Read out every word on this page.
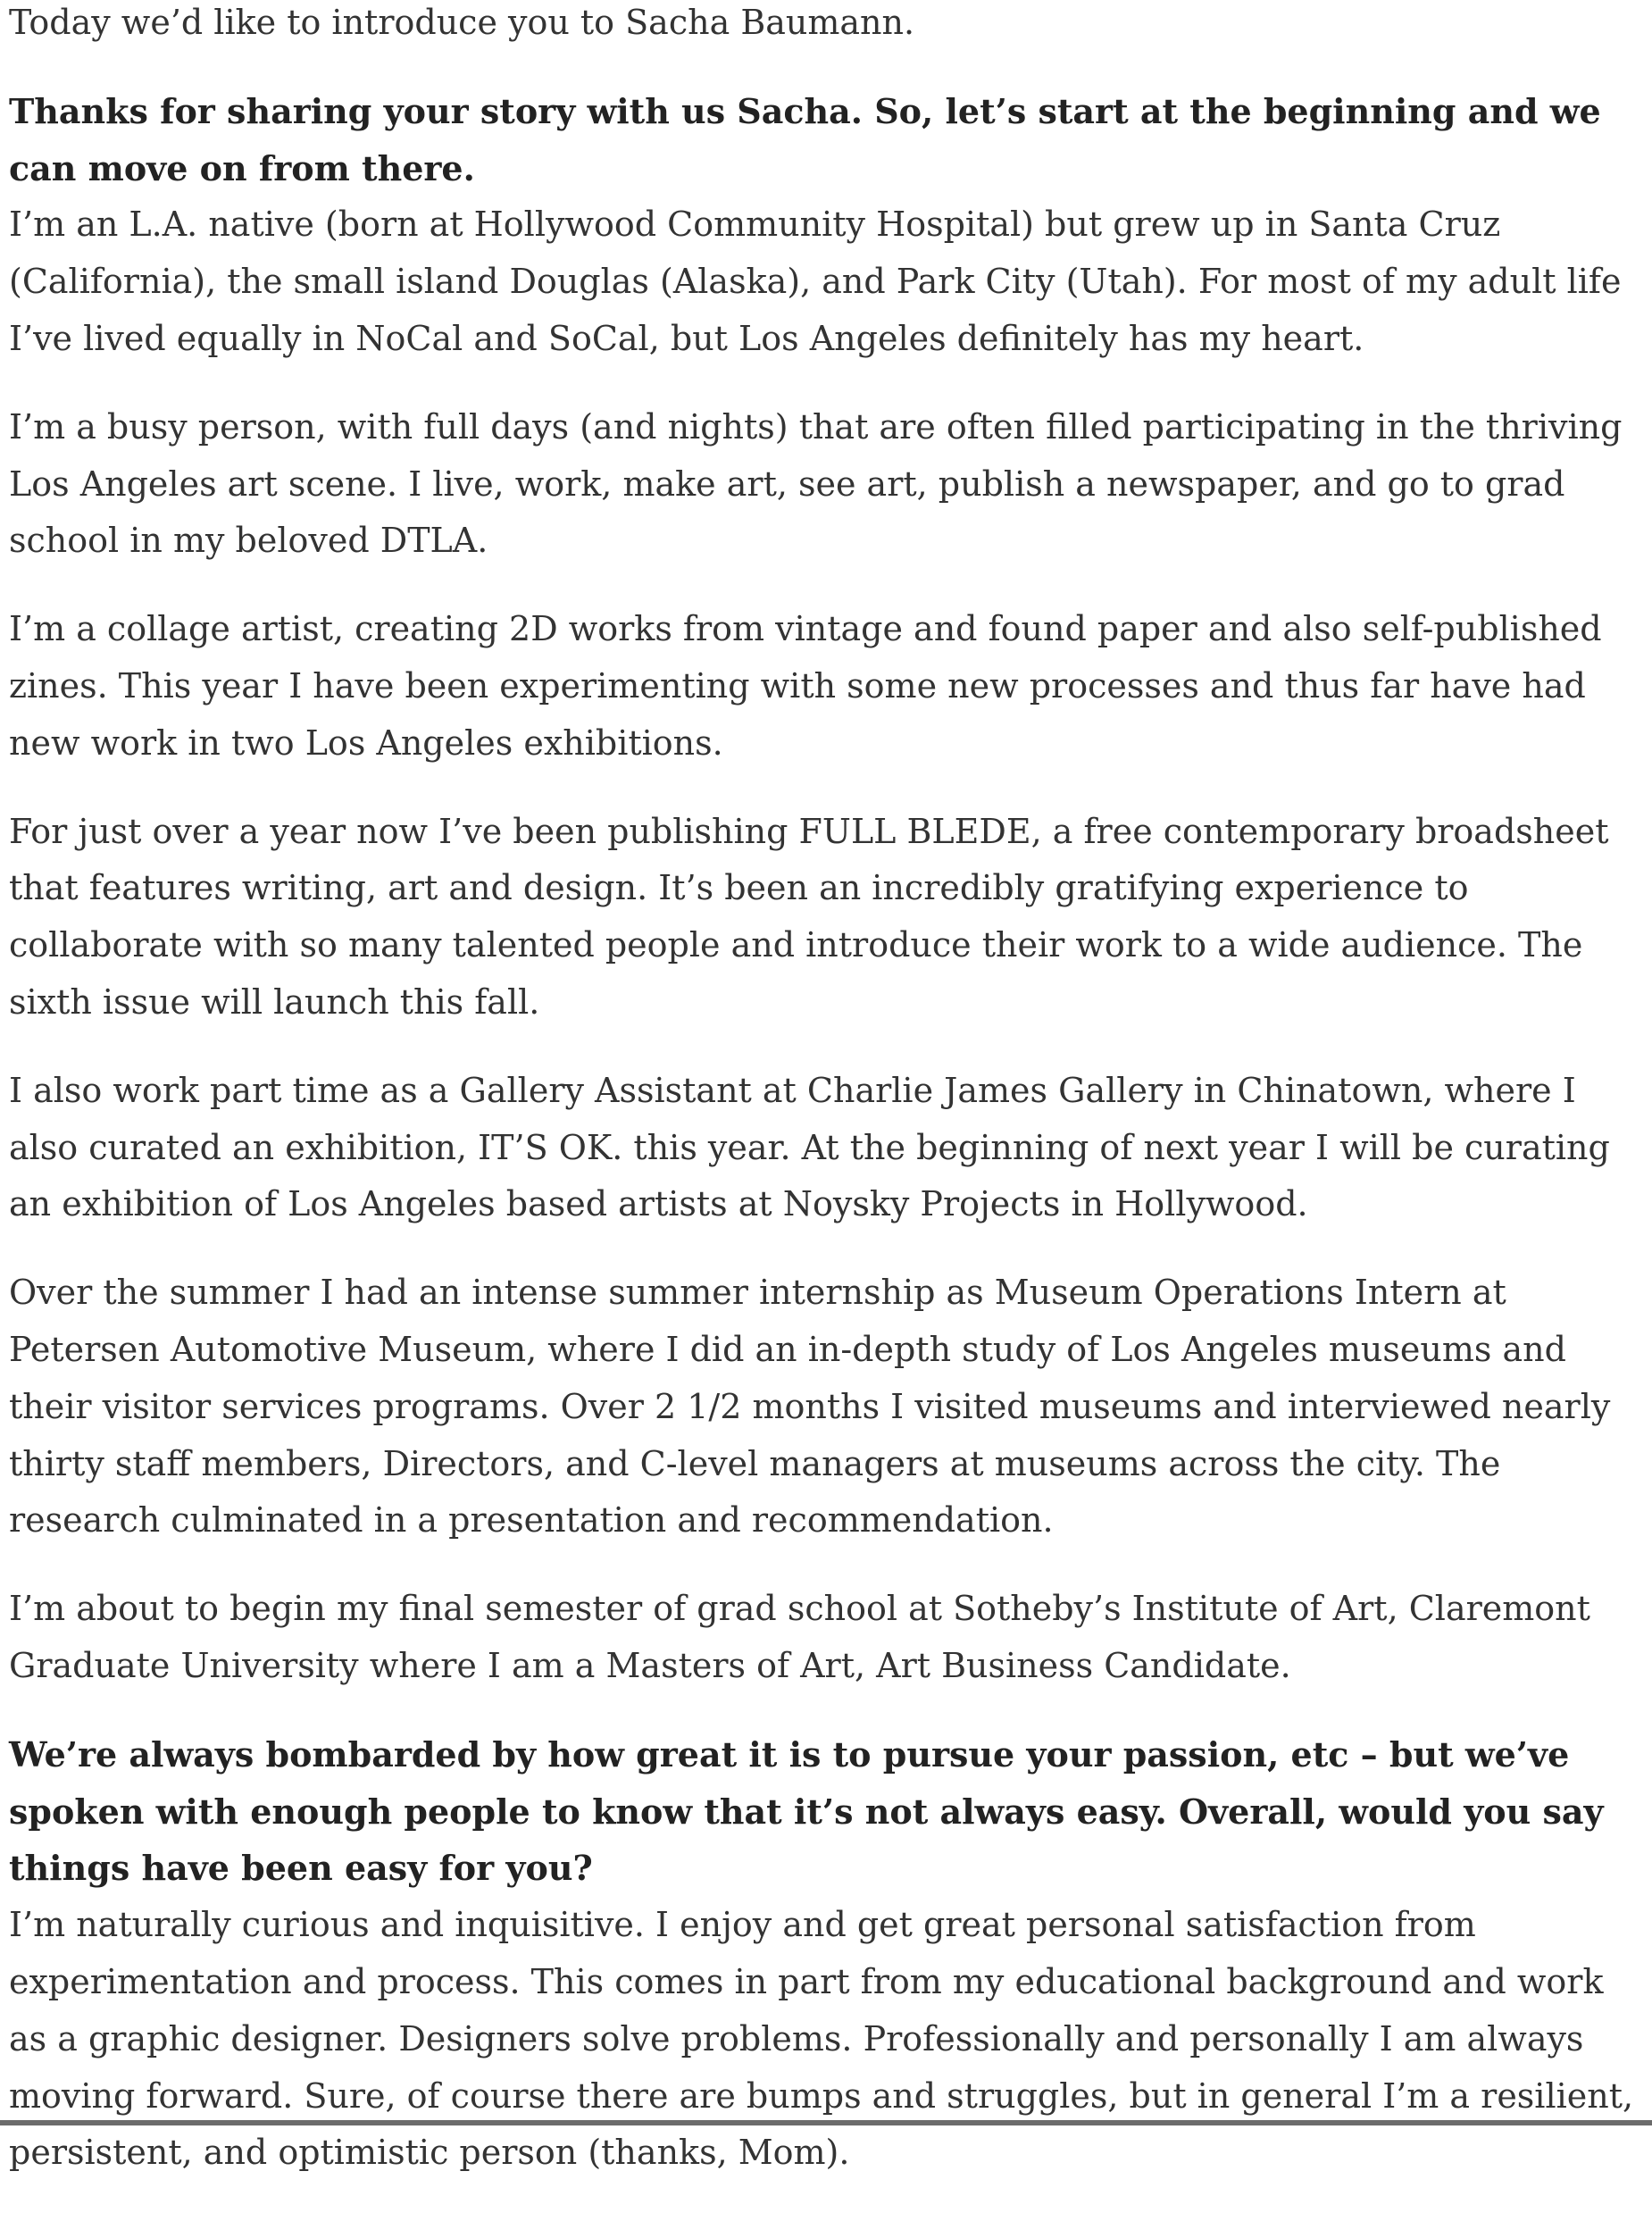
Today we’d like to introduce you to Sacha Baumann.

Thanks for sharing your story with us Sacha. So, let’s start at the beginning and we can move on from there.

I’m an L.A. native (born at Hollywood Community Hospital) but grew up in Santa Cruz (California), the small island Douglas (Alaska), and Park City (Utah). For most of my adult life I’ve lived equally in NoCal and SoCal, but Los Angeles definitely has my heart.

I’m a busy person, with full days (and nights) that are often filled participating in the thriving Los Angeles art scene. I live, work, make art, see art, publish a newspaper, and go to grad school in my beloved DTLA.

I’m a collage artist, creating 2D works from vintage and found paper and also self-published zines. This year I have been experimenting with some new processes and thus far have had new work in two Los Angeles exhibitions.

For just over a year now I’ve been publishing FULL BLEDE, a free contemporary broadsheet that features writing, art and design. It’s been an incredibly gratifying experience to collaborate with so many talented people and introduce their work to a wide audience. The sixth issue will launch this fall.

I also work part time as a Gallery Assistant at Charlie James Gallery in Chinatown, where I also curated an exhibition, IT’S OK. this year. At the beginning of next year I will be curating an exhibition of Los Angeles based artists at Noysky Projects in Hollywood.

Over the summer I had an intense summer internship as Museum Operations Intern at Petersen Automotive Museum, where I did an in-depth study of Los Angeles museums and their visitor services programs. Over 2 1/2 months I visited museums and interviewed nearly thirty staff members, Directors, and C-level managers at museums across the city. The research culminated in a presentation and recommendation.

I’m about to begin my final semester of grad school at Sotheby’s Institute of Art, Claremont Graduate University where I am a Masters of Art, Art Business Candidate.

We’re always bombarded by how great it is to pursue your passion, etc – but we’ve spoken with enough people to know that it’s not always easy. Overall, would you say things have been easy for you?

I’m naturally curious and inquisitive. I enjoy and get great personal satisfaction from experimentation and process. This comes in part from my educational background and work as a graphic designer. Designers solve problems. Professionally and personally I am always moving forward. Sure, of course there are bumps and struggles, but in general I’m a resilient, persistent, and optimistic person (thanks, Mom).
